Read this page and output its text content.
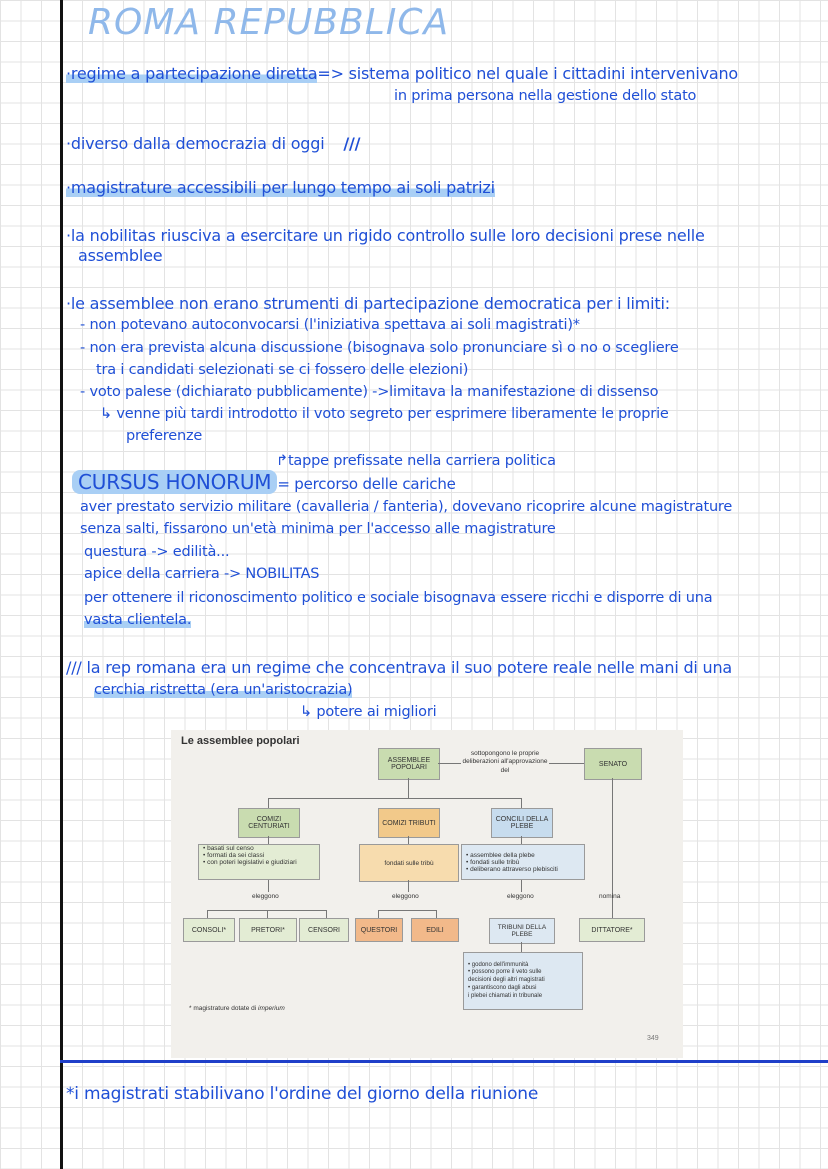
ROMA REPUBBLICA
·regime a partecipazione diretta=> sistema politico nel quale i cittadini intervenivano
in prima persona nella gestione dello stato
·diverso dalla democrazia di oggi ///
·magistrature accessibili per lungo tempo ai soli patrizi
·la nobilitas riusciva a esercitare un rigido controllo sulle loro decisioni prese nelle
assemblee
·le assemblee non erano strumenti di partecipazione democratica per i limiti:
- non potevano autoconvocarsi (l'iniziativa spettava ai soli magistrati)*
- non era prevista alcuna discussione (bisognava solo pronunciare sì o no o scegliere
tra i candidati selezionati se ci fossero delle elezioni)
- voto palese (dichiarato pubblicamente) ->limitava la manifestazione di dissenso
↳ venne più tardi introdotto il voto segreto per esprimere liberamente le proprie
preferenze
↱tappe prefissate nella carriera politica
CURSUS HONORUM = percorso delle cariche
aver prestato servizio militare (cavalleria / fanteria), dovevano ricoprire alcune magistrature
senza salti, fissarono un'età minima per l'accesso alle magistrature
questura -> edilità...
apice della carriera -> NOBILITAS
per ottenere il riconoscimento politico e sociale bisognava essere ricchi e disporre di una
vasta clientela.
/// la rep romana era un regime che concentrava il suo potere reale nelle mani di una
cerchia ristretta (era un'aristocrazia)
↳ potere ai migliori
Le assemblee popolari
ASSEMBLEE POPOLARI
sottopongono le proprie deliberazioni all'approvazione del
SENATO
COMIZI CENTURIATI	COMIZI TRIBUTI	CONCILI DELLA PLEBE
• basati sul censo
• formati da sei classi
• con poteri legislativi e giudiziari	fondati sulle tribù
• assemblee della plebe
• fondati sulle tribù
• deliberano attraverso plebisciti
eleggono	eleggono	eleggono	nomina
CONSOLI*	PRETORI*	CENSORI	QUESTORI	EDILI	TRIBUNI DELLA PLEBE
DITTATORE*
• godono dell'immunità
• possono porre il veto sulle
decisioni degli altri magistrati
• garantiscono dagli abusi
i plebei chiamati in tribunale
* magistrature dotate di imperium
349
*i magistrati stabilivano l'ordine del giorno della riunione
